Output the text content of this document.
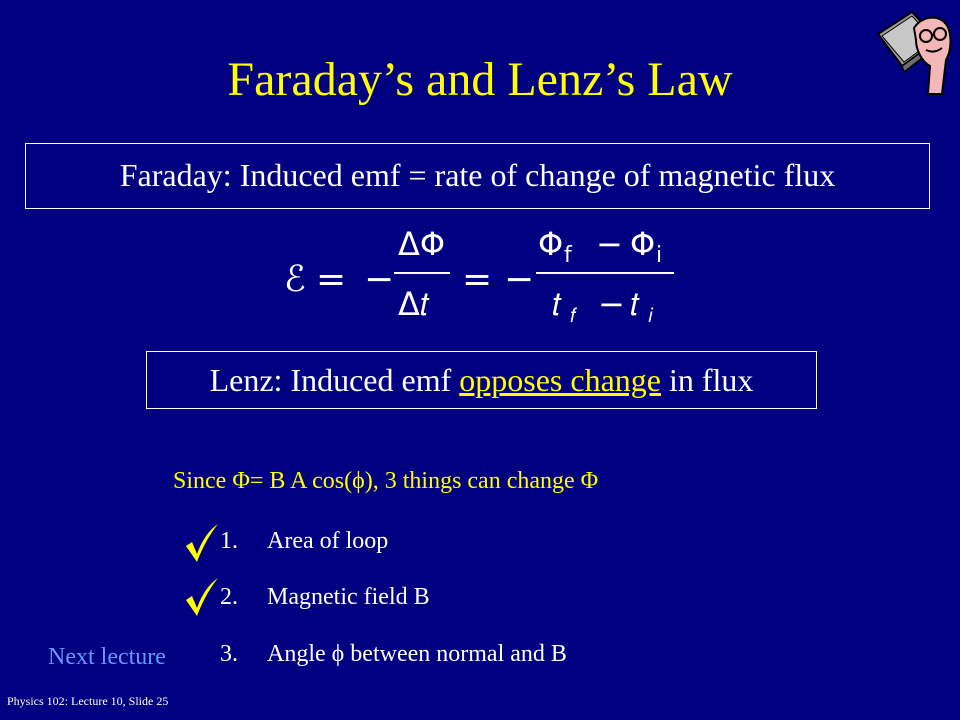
Faraday’s and Lenz’s Law
Faraday: Induced emf = rate of change of magnetic flux
ℰ = −
ΔΦ
Δ𝑡
= −
Φ f − Φ i
𝑡 𝑓 − 𝑡 𝑖
Lenz: Induced emf opposes change in flux
Since Φ= B A cos(ϕ), 3 things can change Φ
1. Area of loop
2. Magnetic field B
Next lecture 3. Angle ϕ between normal and B
Physics 102: Lecture 10, Slide 25
